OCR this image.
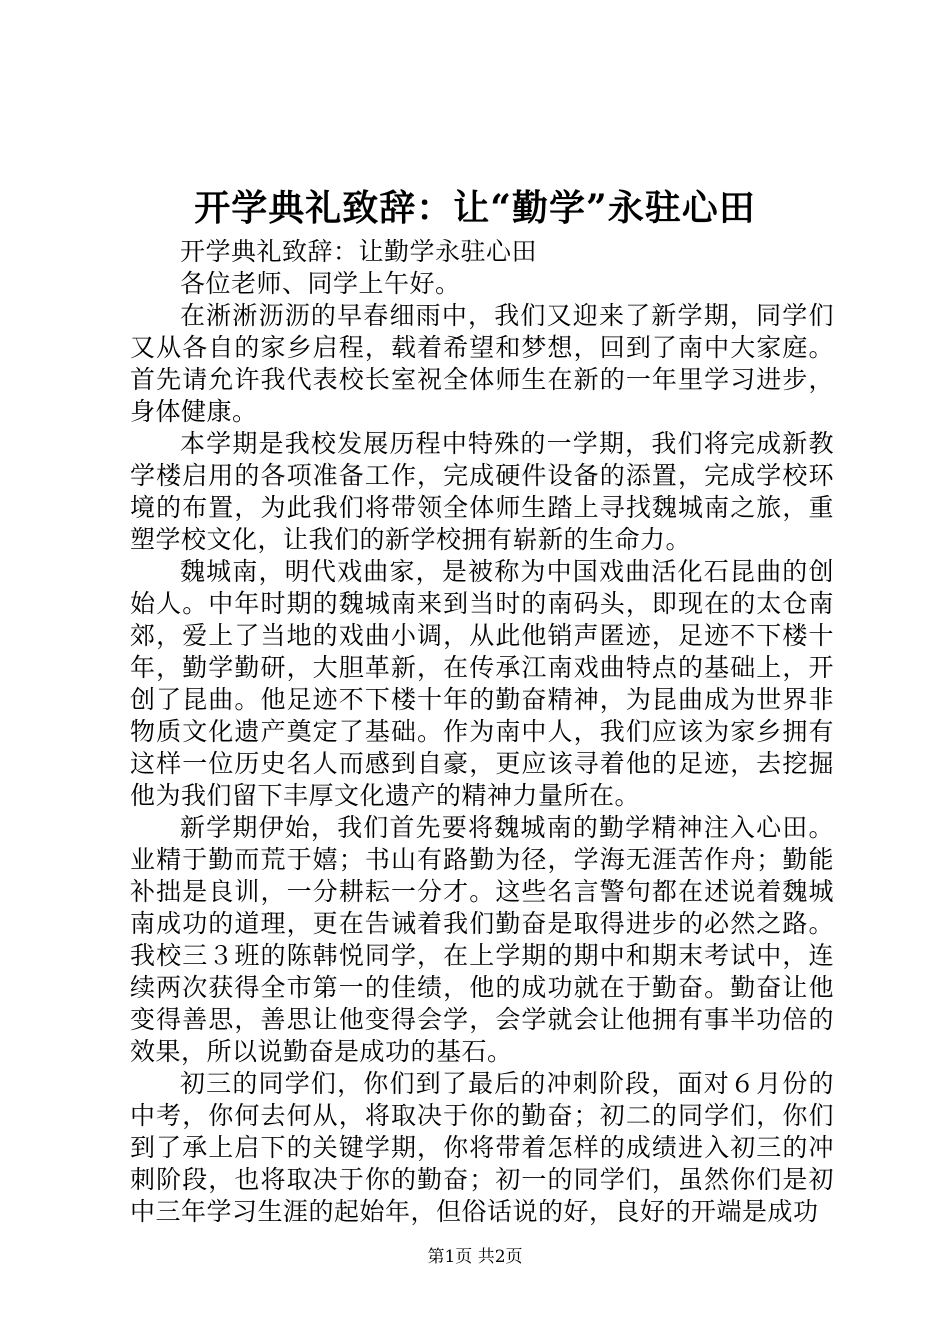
开学典礼致辞：让“勤学”永驻心田

开学典礼致辞：让勤学永驻心田

各位老师、同学上午好。

在淅淅沥沥的早春细雨中，我们又迎来了新学期，同学们又从各自的家乡启程，载着希望和梦想，回到了南中大家庭。首先请允许我代表校长室祝全体师生在新的一年里学习进步，身体健康。

本学期是我校发展历程中特殊的一学期，我们将完成新教学楼启用的各项准备工作，完成硬件设备的添置，完成学校环境的布置，为此我们将带领全体师生踏上寻找魏城南之旅，重塑学校文化，让我们的新学校拥有崭新的生命力。

魏城南，明代戏曲家，是被称为中国戏曲活化石昆曲的创始人。中年时期的魏城南来到当时的南码头，即现在的太仓南郊，爱上了当地的戏曲小调，从此他销声匿迹，足迹不下楼十年，勤学勤研，大胆革新，在传承江南戏曲特点的基础上，开创了昆曲。他足迹不下楼十年的勤奋精神，为昆曲成为世界非物质文化遗产奠定了基础。作为南中人，我们应该为家乡拥有这样一位历史名人而感到自豪，更应该寻着他的足迹，去挖掘他为我们留下丰厚文化遗产的精神力量所在。

新学期伊始，我们首先要将魏城南的勤学精神注入心田。业精于勤而荒于嬉；书山有路勤为径，学海无涯苦作舟；勤能补拙是良训，一分耕耘一分才。这些名言警句都在述说着魏城南成功的道理，更在告诫着我们勤奋是取得进步的必然之路。我校三３班的陈韩悦同学，在上学期的期中和期末考试中，连续两次获得全市第一的佳绩，他的成功就在于勤奋。勤奋让他变得善思，善思让他变得会学，会学就会让他拥有事半功倍的效果，所以说勤奋是成功的基石。

初三的同学们，你们到了最后的冲刺阶段，面对６月份的中考，你何去何从，将取决于你的勤奋；初二的同学们，你们到了承上启下的关键学期，你将带着怎样的成绩进入初三的冲刺阶段，也将取决于你的勤奋；初一的同学们，虽然你们是初中三年学习生涯的起始年，但俗话说的好，良好的开端是成功

第1页 共2页
